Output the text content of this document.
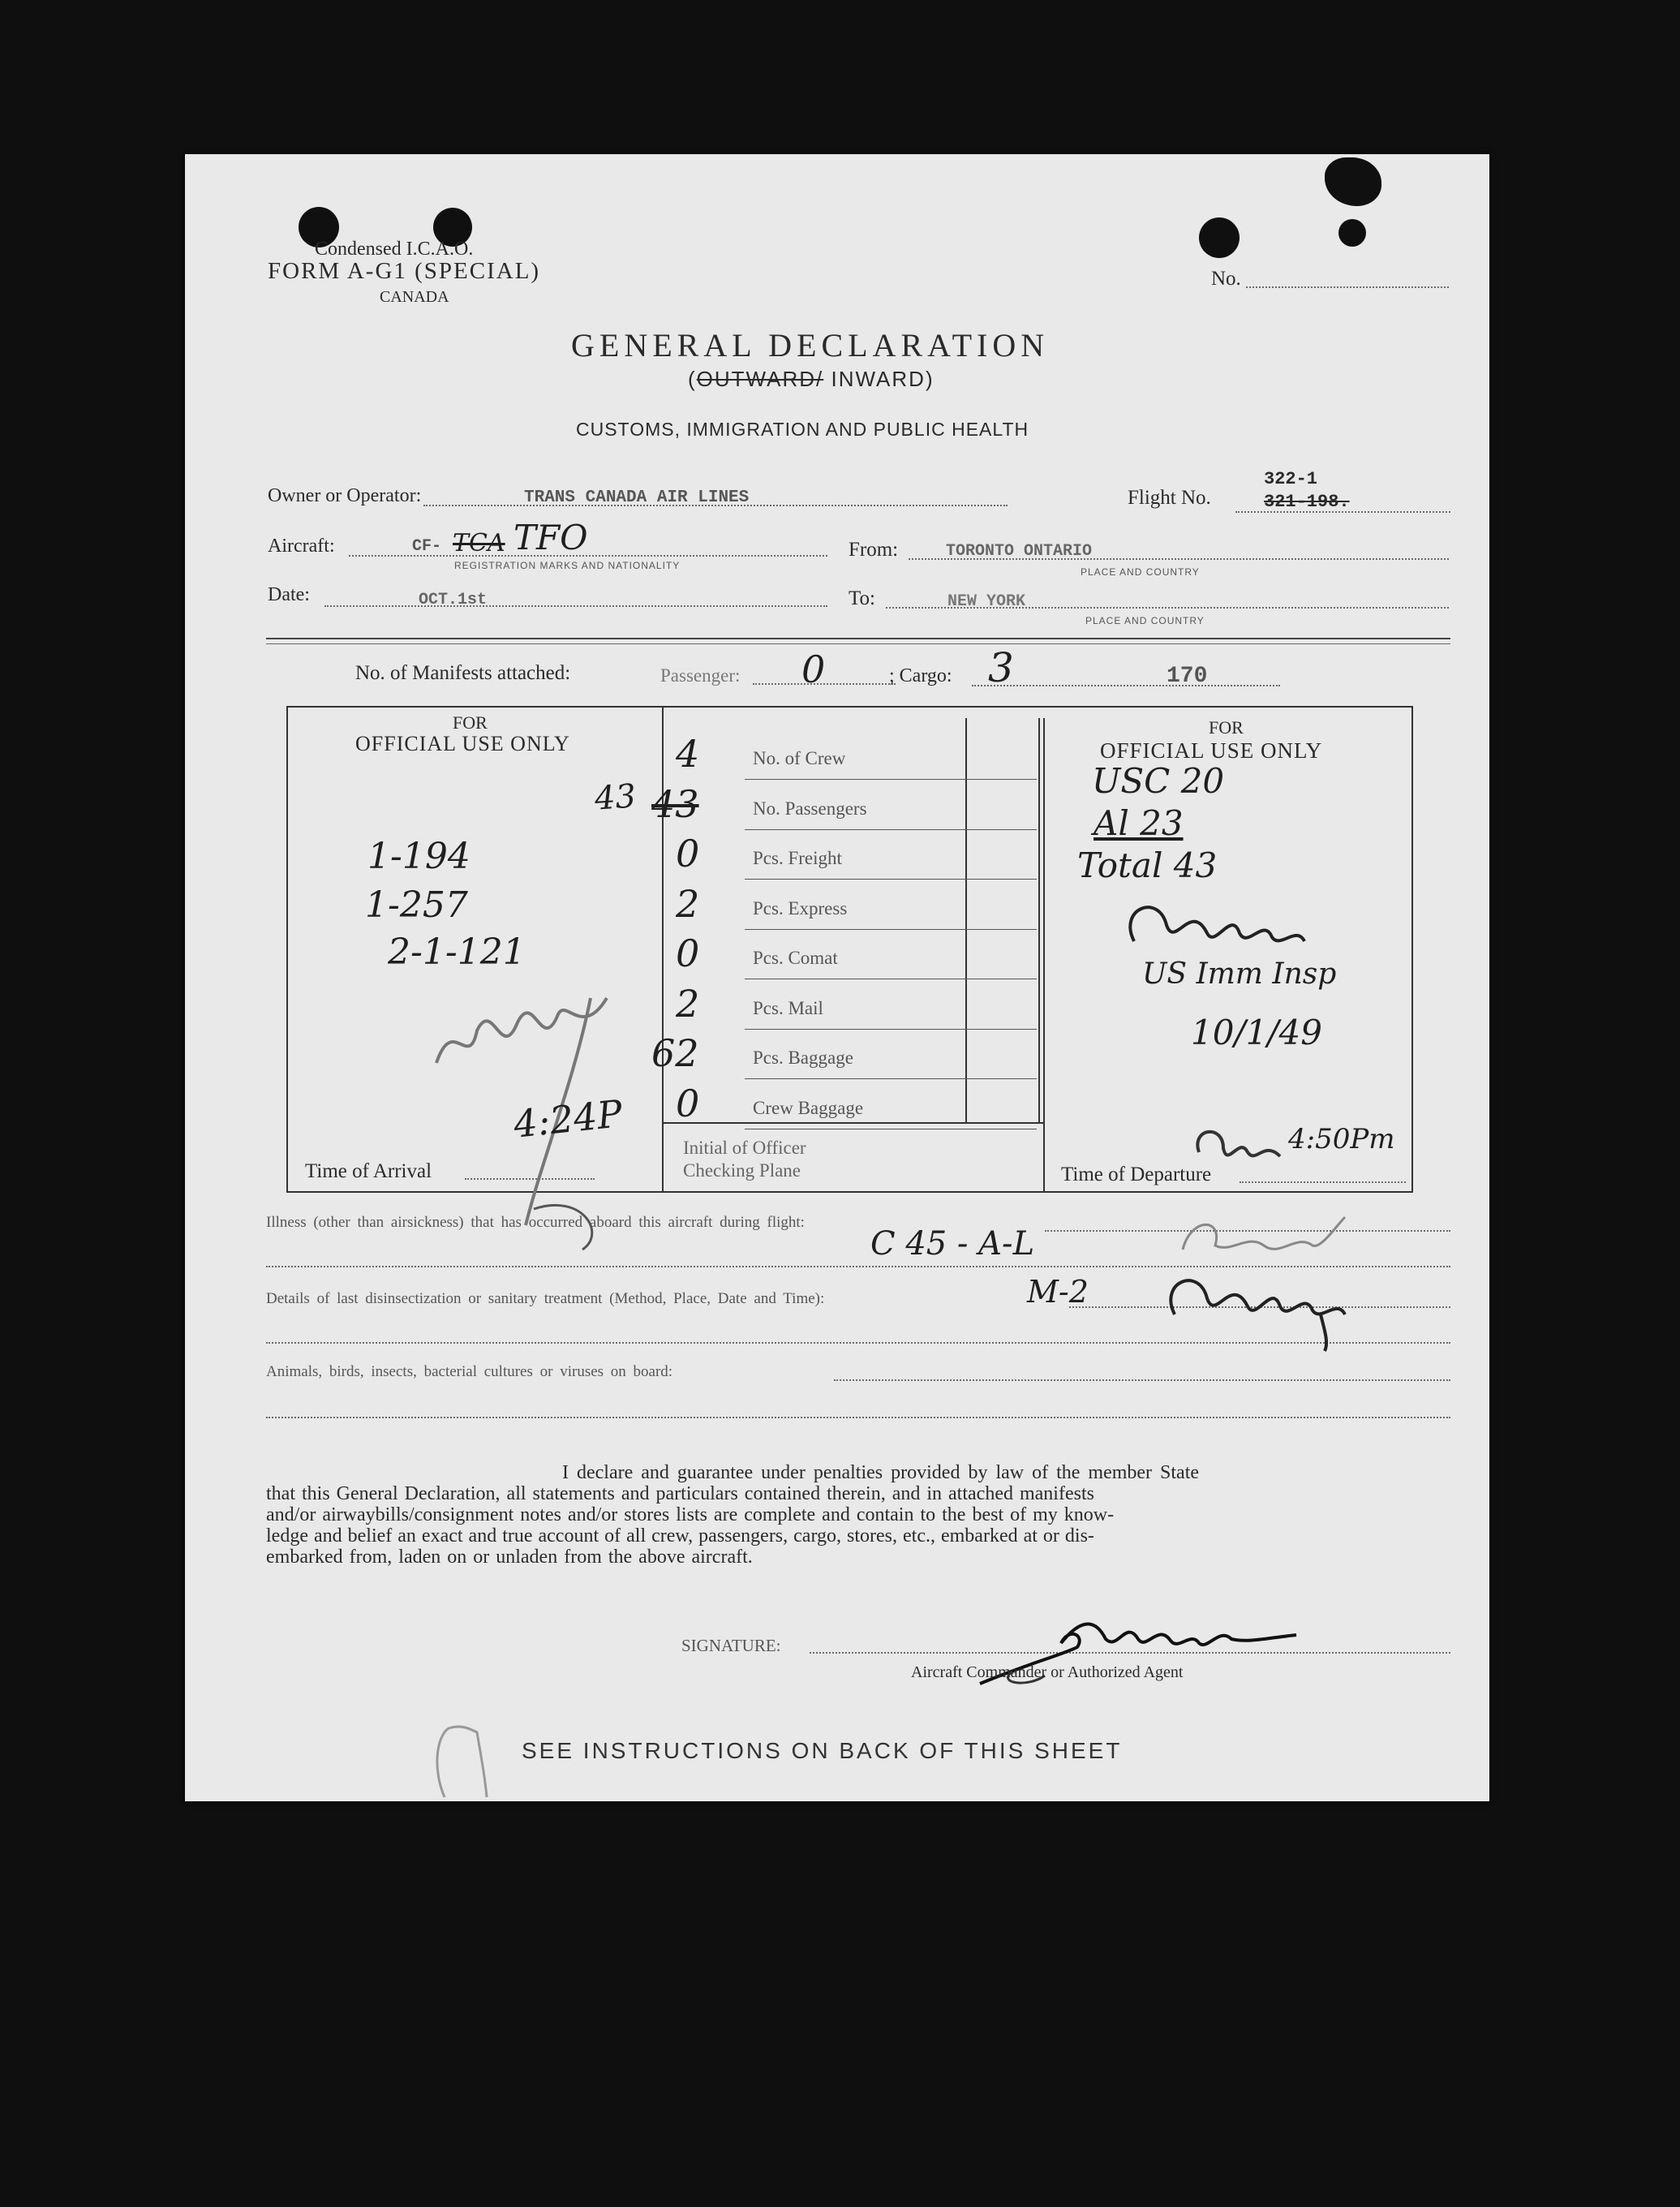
Condensed I.C.A.O.
FORM A-G1 (SPECIAL)
CANADA
No.
GENERAL DECLARATION
(OUTWARD/ INWARD)
CUSTOMS, IMMIGRATION AND PUBLIC HEALTH
Owner or Operator:	TRANS CANADA AIR LINES	Flight No.
322-1
321-198.
Aircraft:	CF- TCA TFO
REGISTRATION MARKS AND NATIONALITY
From:	TORONTO ONTARIO
PLACE AND COUNTRY
Date:	OCT.1st	To:	NEW YORK
PLACE AND COUNTRY
No. of Manifests attached:	Passenger: 0	; Cargo: 3	170
FOR
OFFICIAL USE ONLY
FOR
OFFICIAL USE ONLY
4	No. of Crew
43	No. Passengers
0	Pcs. Freight
2	Pcs. Express
0	Pcs. Comat
2	Pcs. Mail
62	Pcs. Baggage
0	Crew Baggage
43
1-194
1-257
2-1-121
Time of Arrival
4:24P
Initial of Officer
Checking Plane
USC 20
Al 23
Total 43
US Imm Insp
10/1/49
Time of Departure
4:50Pm
Illness (other than airsickness) that has occurred aboard this aircraft during flight:
C 45 - A-L
Details of last disinsectization or sanitary treatment (Method, Place, Date and Time):	M-2
Animals, birds, insects, bacterial cultures or viruses on board:
I declare and guarantee under penalties provided by law of the member State
that this General Declaration, all statements and particulars contained therein, and in attached manifests
and/or airwaybills/consignment notes and/or stores lists are complete and contain to the best of my know-
ledge and belief an exact and true account of all crew, passengers, cargo, stores, etc., embarked at or dis-
embarked from, laden on or unladen from the above aircraft.
SIGNATURE:
Aircraft Commander or Authorized Agent
SEE INSTRUCTIONS ON BACK OF THIS SHEET
